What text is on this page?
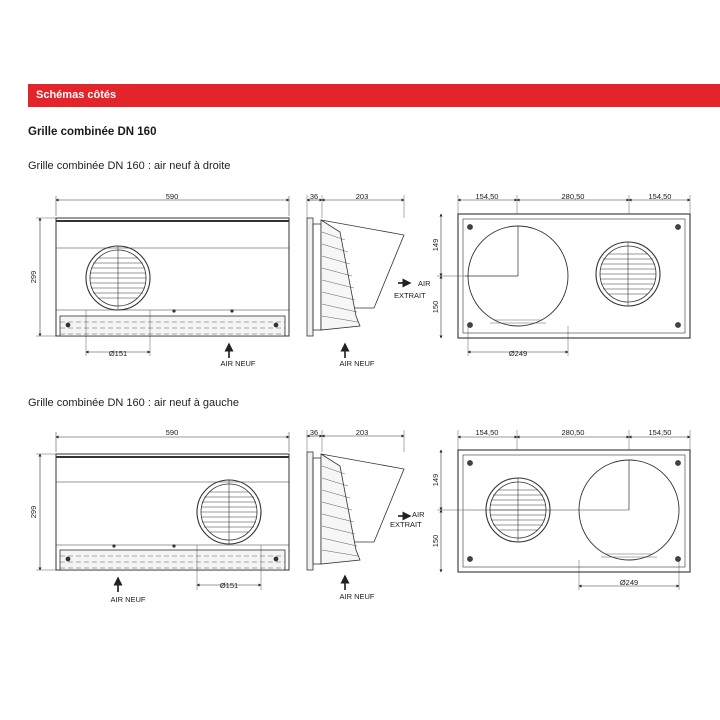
Schémas côtés
Grille combinée DN 160
Grille combinée DN 160 : air neuf à droite
Grille combinée DN 160 : air neuf à gauche
590
299
Ø151
AIR NEUF
36	203
AIR NEUF
AIR
EXTRAIT
154,50	280,50	154,50
149
150
Ø249
590
299
Ø151
AIR NEUF
36	203
AIR NEUF
AIR
EXTRAIT
154,50	280,50	154,50
149
150
Ø249
